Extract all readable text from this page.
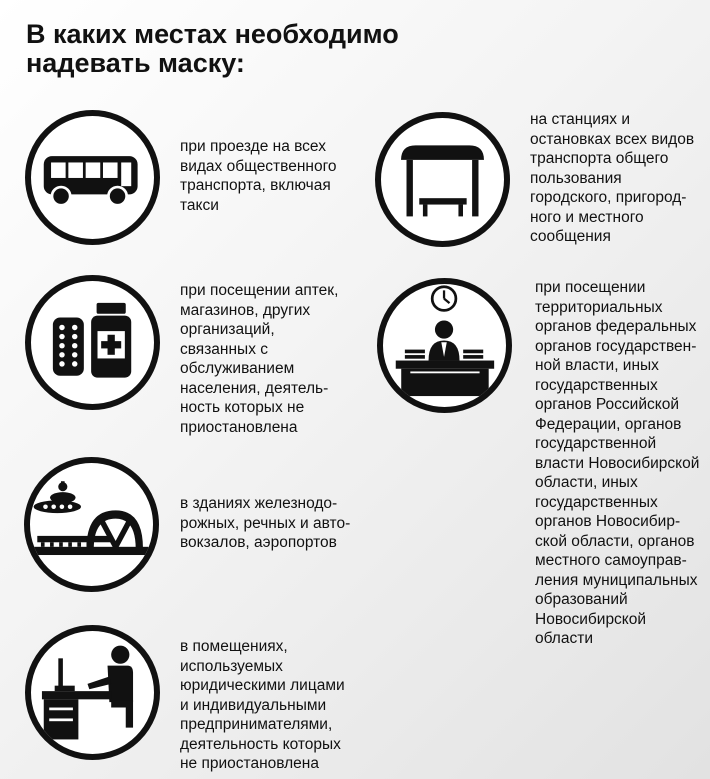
В каких местах необходимо
надевать маску:
при проезде на всех
видах общественного
транспорта, включая
такси
на станциях и
остановках всех видов
транспорта общего
пользования
городского, пригород-
ного и местного
сообщения
при посещении аптек,
магазинов, других
организаций,
связанных с
обслуживанием
населения, деятель-
ность которых не
приостановлена
при посещении
территориальных
органов федеральных
органов государствен-
ной власти, иных
государственных
органов Российской
Федерации, органов
государственной
власти Новосибирской
области, иных
государственных
органов Новосибир-
ской области, органов
местного самоуправ-
ления муниципальных
образований
Новосибирской
области
в зданиях железнодо-
рожных, речных и авто-
вокзалов, аэропортов
в помещениях,
используемых
юридическими лицами
и индивидуальными
предпринимателями,
деятельность которых
не приостановлена
